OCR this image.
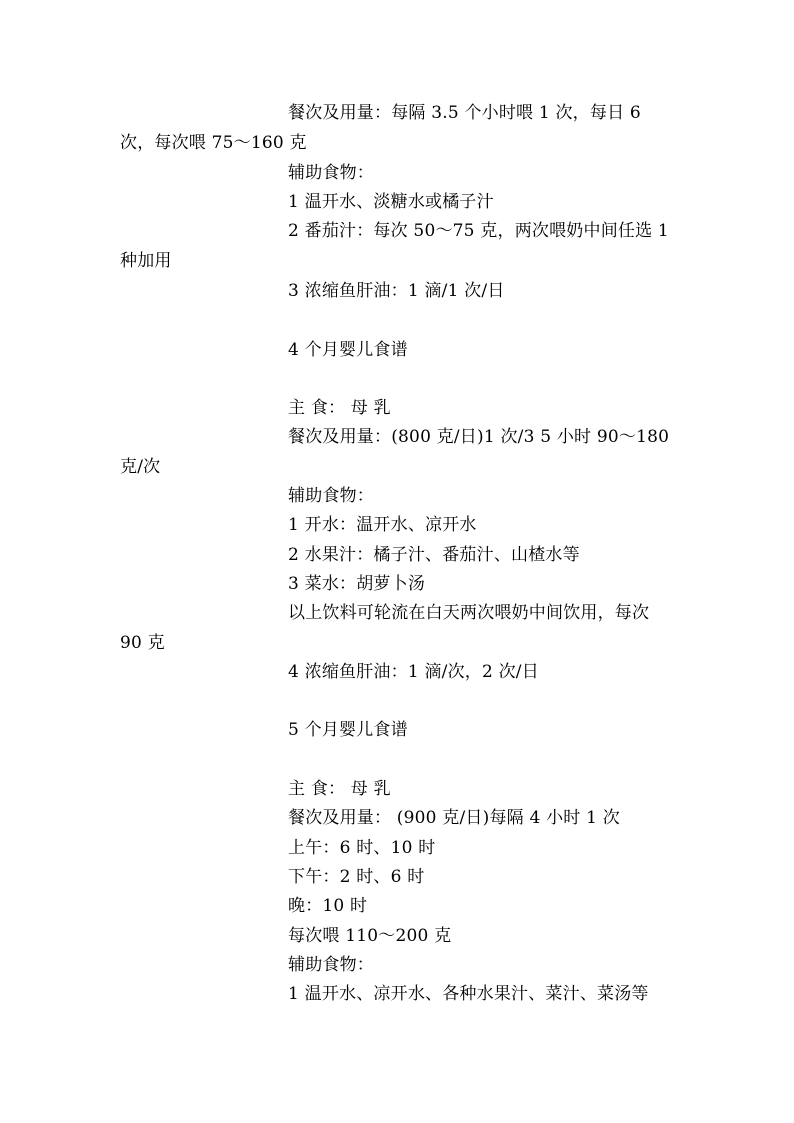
餐次及用量：每隔 3.5 个小时喂 1 次，每日 6
次，每次喂 75～160 克
辅助食物：
1 温开水、淡糖水或橘子汁
2 番茄汁：每次 50～75 克，两次喂奶中间任选 1
种加用
3 浓缩鱼肝油：1 滴/1 次/日
4 个月婴儿食谱
主 食： 母 乳
餐次及用量：(800 克/日)1 次/3 5 小时 90～180
克/次
辅助食物：
1 开水：温开水、凉开水
2 水果汁：橘子汁、番茄汁、山楂水等
3 菜水：胡萝卜汤
以上饮料可轮流在白天两次喂奶中间饮用，每次
90 克
4 浓缩鱼肝油：1 滴/次，2 次/日
5 个月婴儿食谱
主 食： 母 乳
餐次及用量： (900 克/日)每隔 4 小时 1 次
上午：6 时、10 时
下午：2 时、6 时
晚：10 时
每次喂 110～200 克
辅助食物：
1 温开水、凉开水、各种水果汁、菜汁、菜汤等
